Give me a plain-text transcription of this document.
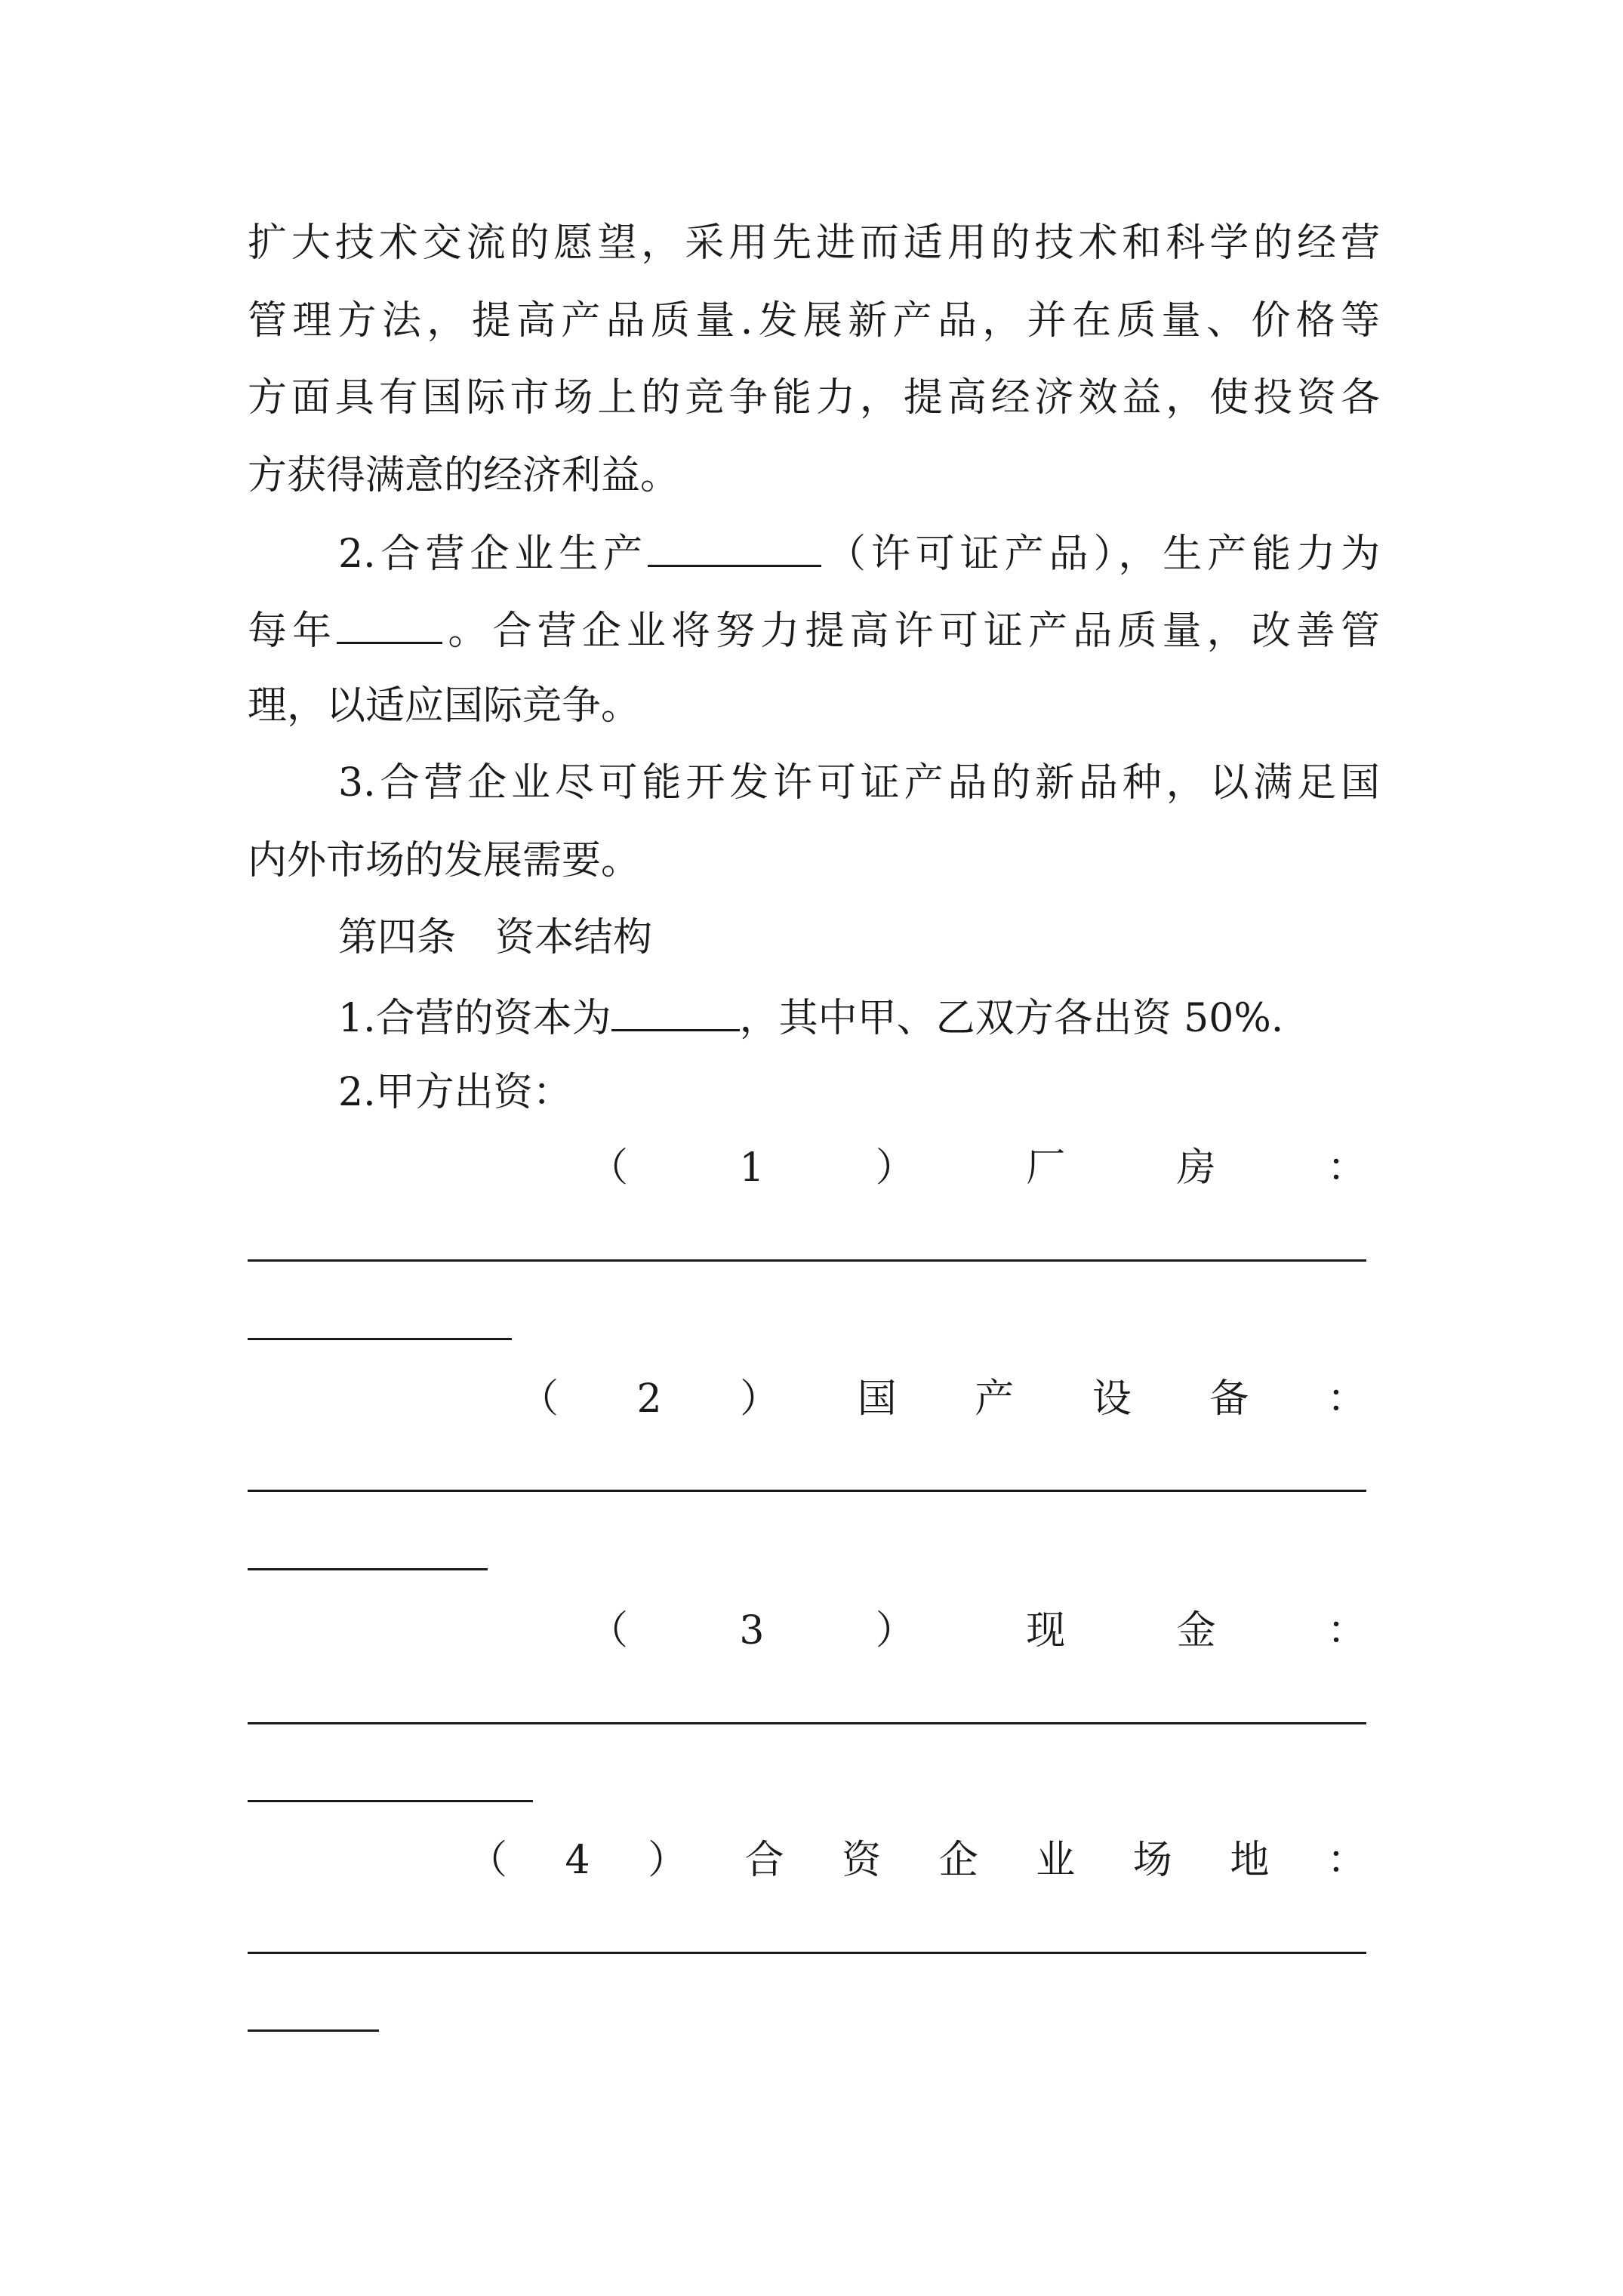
扩大技术交流的愿望，采用先进而适用的技术和科学的经营
管理方法，提高产品质量.发展新产品，并在质量、价格等
方面具有国际市场上的竞争能力，提高经济效益，使投资各
方获得满意的经济利益。
2.合营企业生产	（许可证产品），生产能力为
每年	。合营企业将努力提高许可证产品质量，改善管
理，以适应国际竞争。
3.合营企业尽可能开发许可证产品的新品种，以满足国
内外市场的发展需要。
第四条　资本结构
1.合营的资本为	，其中甲、乙双方各出资 50%.
2.甲方出资：
（	1	）	厂	房	：
（ 2 ） 国 产 设 备 ：
（	3	）	现	金	：
（ 4 ） 合 资 企 业 场 地 ：
